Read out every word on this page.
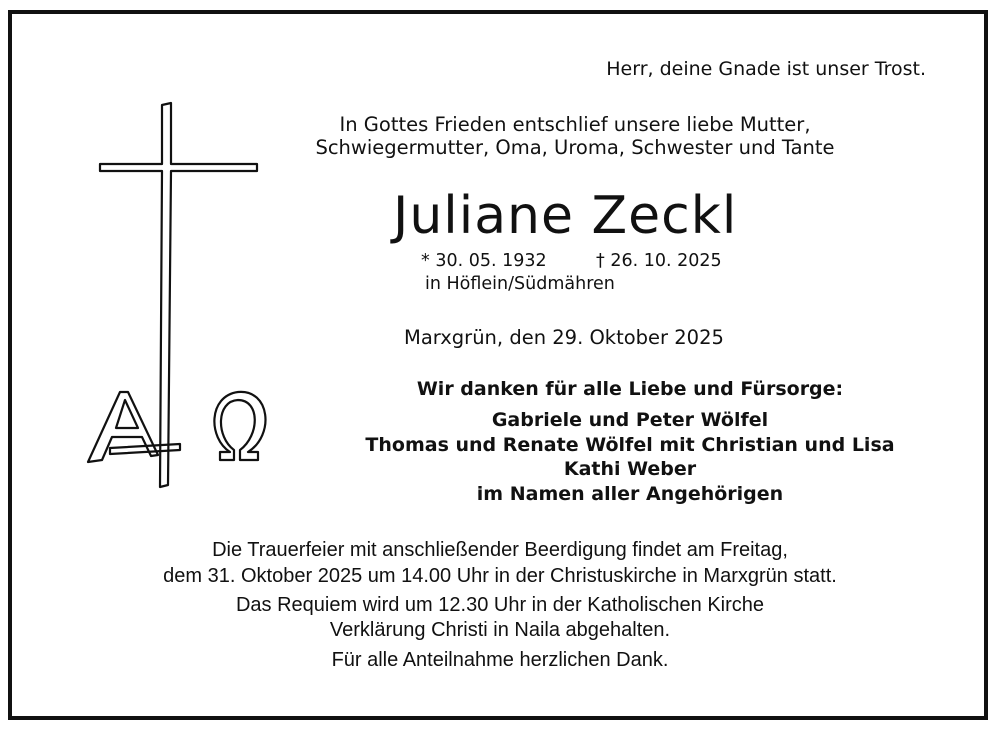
Herr, deine Gnade ist unser Trost.
In Gottes Frieden entschlief unsere liebe Mutter,
Schwiegermutter, Oma, Uroma, Schwester und Tante
Juliane Zeckl
* 30. 05. 1932	† 26. 10. 2025
in Höflein/Südmähren
Marxgrün, den 29. Oktober 2025
Wir danken für alle Liebe und Fürsorge:
Gabriele und Peter Wölfel
Thomas und Renate Wölfel mit Christian und Lisa
Kathi Weber
im Namen aller Angehörigen
Die Trauerfeier mit anschließender Beerdigung findet am Freitag,
dem 31. Oktober 2025 um 14.00 Uhr in der Christuskirche in Marxgrün statt.
Das Requiem wird um 12.30 Uhr in der Katholischen Kirche
Verklärung Christi in Naila abgehalten.
Für alle Anteilnahme herzlichen Dank.
